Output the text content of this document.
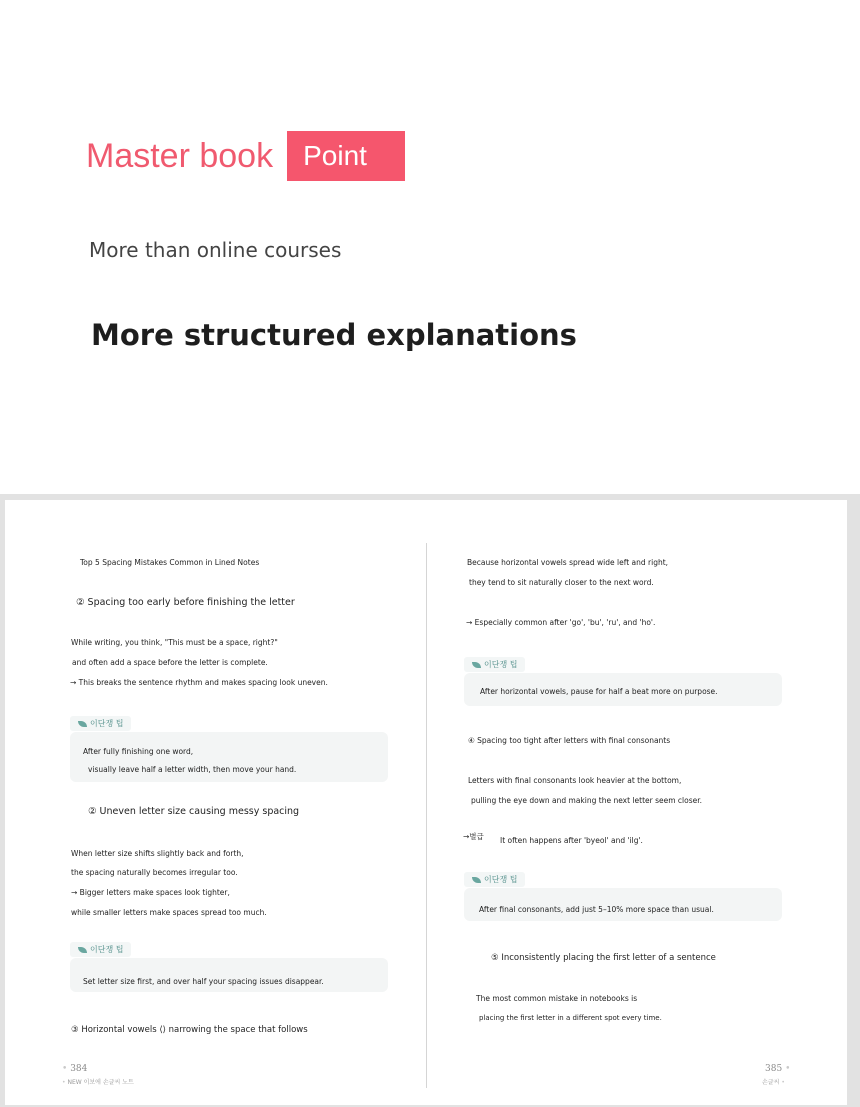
Master book	Point 03
More than online courses
More structured explanations
Top 5 Spacing Mistakes Common in Lined Notes
② Spacing too early before finishing the letter
While writing, you think, "This must be a space, right?"
and often add a space before the letter is complete.
→ This breaks the sentence rhythm and makes spacing look uneven.
이단쟁 팁
After fully finishing one word,
visually leave half a letter width, then move your hand.
② Uneven letter size causing messy spacing
When letter size shifts slightly back and forth,
the spacing naturally becomes irregular too.
→ Bigger letters make spaces look tighter,
while smaller letters make spaces spread too much.
이단쟁 팁
Set letter size first, and over half your spacing issues disappear.
③ Horizontal vowels ⟨⟩ narrowing the space that follows
• 384
• NEW 이보에 손글씨 노트
Because horizontal vowels spread wide left and right,
they tend to sit naturally closer to the next word.
→ Especially common after 'go', 'bu', 'ru', and 'ho'.
이단쟁 팁
After horizontal vowels, pause for half a beat more on purpose.
④ Spacing too tight after letters with final consonants
Letters with final consonants look heavier at the bottom,
pulling the eye down and making the next letter seem closer.
→별급 It often happens after 'byeol' and 'ilg'.
이단쟁 팁
After final consonants, add just 5–10% more space than usual.
⑤ Inconsistently placing the first letter of a sentence
The most common mistake in notebooks is
placing the first letter in a different spot every time.
385 •
손글씨 •
